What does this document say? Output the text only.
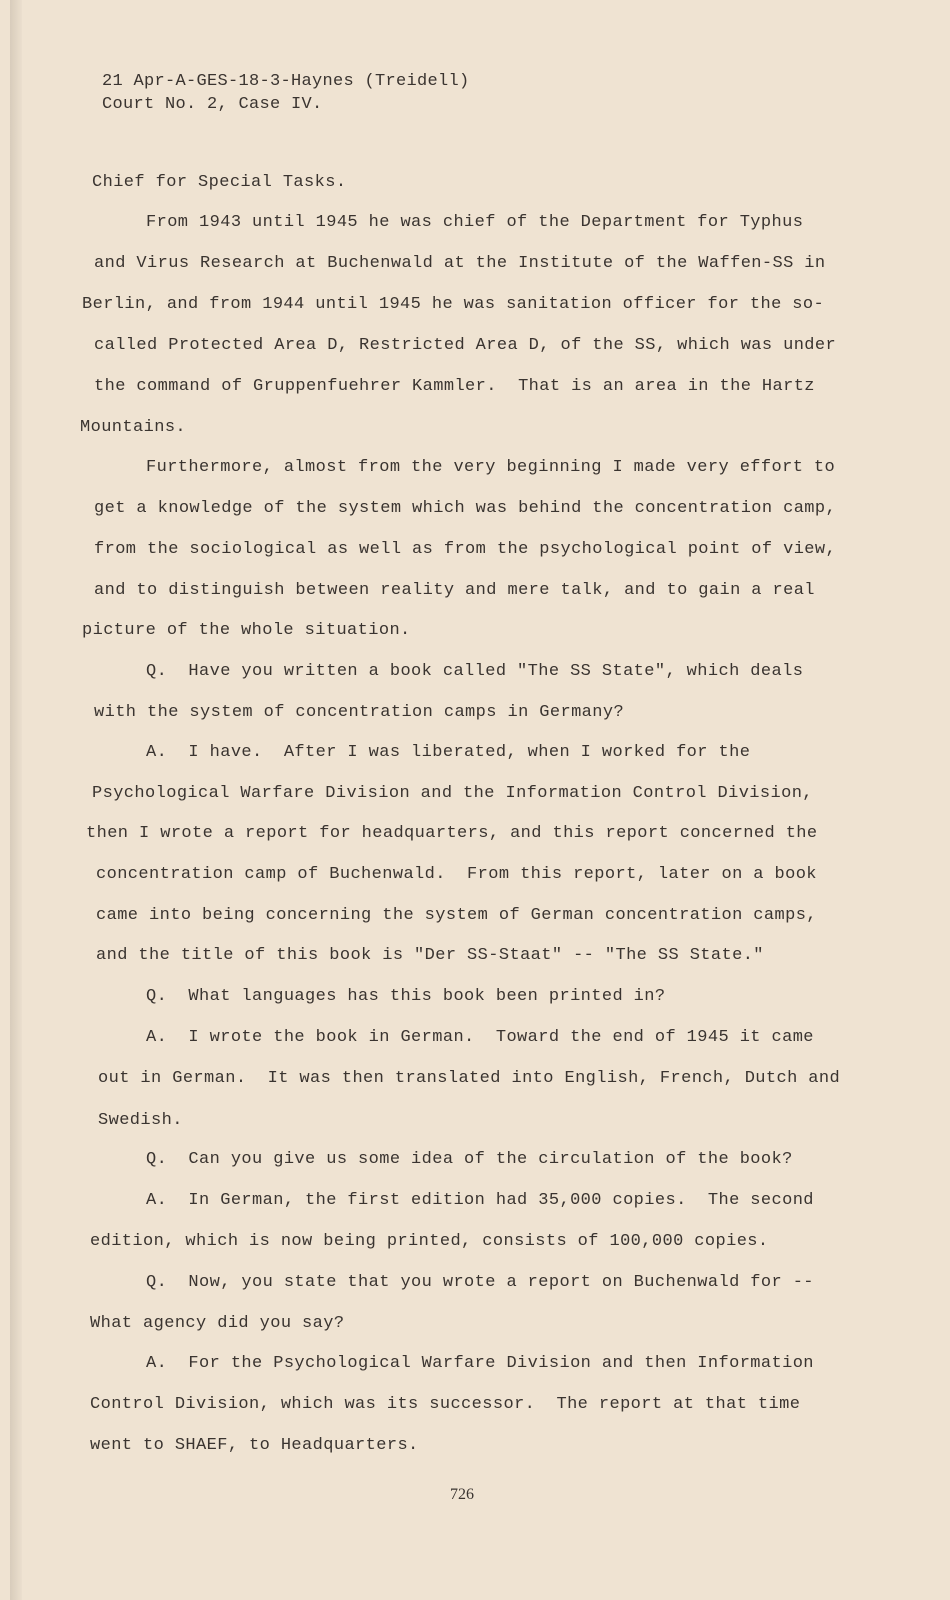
21 Apr-A-GES-18-3-Haynes (Treidell)
Court No. 2, Case IV.
Chief for Special Tasks.
From 1943 until 1945 he was chief of the Department for Typhus
and Virus Research at Buchenwald at the Institute of the Waffen-SS in
Berlin, and from 1944 until 1945 he was sanitation officer for the so-
called Protected Area D, Restricted Area D, of the SS, which was under
the command of Gruppenfuehrer Kammler.  That is an area in the Hartz
Mountains.
Furthermore, almost from the very beginning I made very effort to
get a knowledge of the system which was behind the concentration camp,
from the sociological as well as from the psychological point of view,
and to distinguish between reality and mere talk, and to gain a real
picture of the whole situation.
Q.  Have you written a book called "The SS State", which deals
with the system of concentration camps in Germany?
A.  I have.  After I was liberated, when I worked for the
Psychological Warfare Division and the Information Control Division,
then I wrote a report for headquarters, and this report concerned the
concentration camp of Buchenwald.  From this report, later on a book
came into being concerning the system of German concentration camps,
and the title of this book is "Der SS-Staat" -- "The SS State."
Q.  What languages has this book been printed in?
A.  I wrote the book in German.  Toward the end of 1945 it came
out in German.  It was then translated into English, French, Dutch and
Swedish.
Q.  Can you give us some idea of the circulation of the book?
A.  In German, the first edition had 35,000 copies.  The second
edition, which is now being printed, consists of 100,000 copies.
Q.  Now, you state that you wrote a report on Buchenwald for --
What agency did you say?
A.  For the Psychological Warfare Division and then Information
Control Division, which was its successor.  The report at that time
went to SHAEF, to Headquarters.
726
